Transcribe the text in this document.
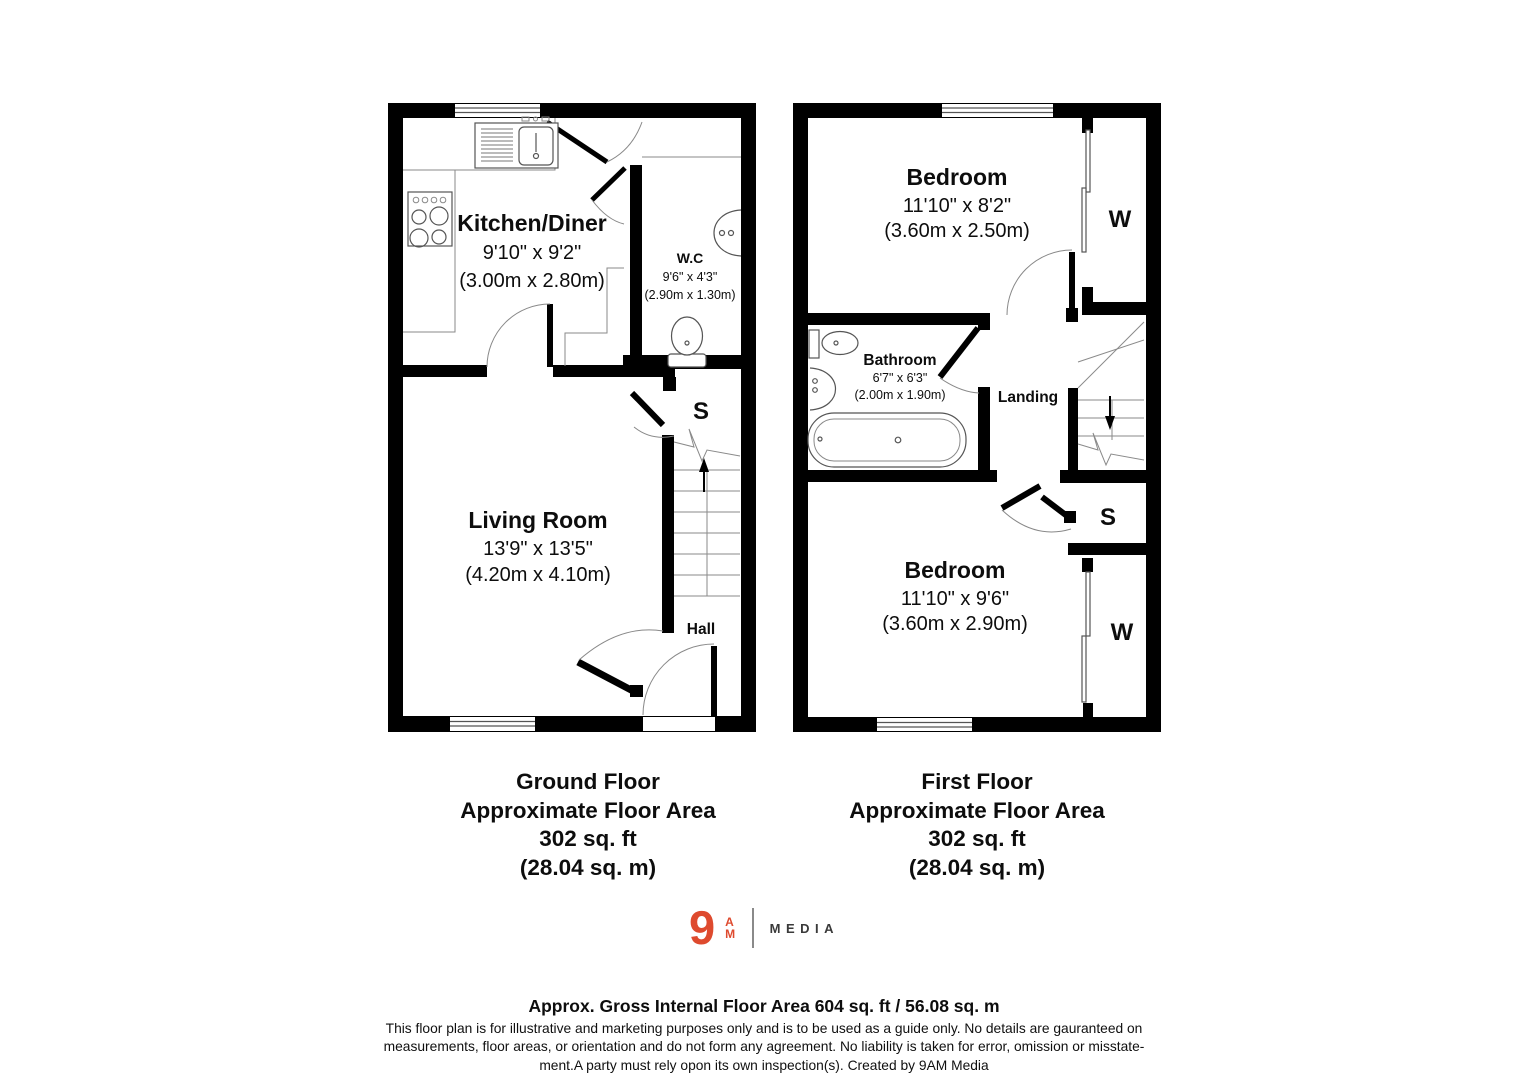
Kitchen/Diner
9'10" x 9'2"
(3.00m x 2.80m)
W.C
9'6" x 4'3"
(2.90m x 1.30m)
Living Room
13'9" x 13'5"
(4.20m x 4.10m)
S
Hall
Bedroom
11'10" x 8'2"
(3.60m x 2.50m)	W
Bathroom
6'7" x 6'3"
(2.00m x 1.90m)	Landing
S
Bedroom
11'10" x 9'6"
(3.60m x 2.90m)	W
Ground Floor
Approximate Floor Area
302 sq. ft
(28.04 sq. m)
First Floor
Approximate Floor Area
302 sq. ft
(28.04 sq. m)
9 A
M	MEDIA
Approx. Gross Internal Floor Area 604 sq. ft / 56.08 sq. m
This floor plan is for illustrative and marketing purposes only and is to be used as a guide only. No details are gauranteed on
measurements, floor areas, or orientation and do not form any agreement. No liability is taken for error, omission or misstate-
ment.A party must rely opon its own inspection(s). Created by 9AM Media
